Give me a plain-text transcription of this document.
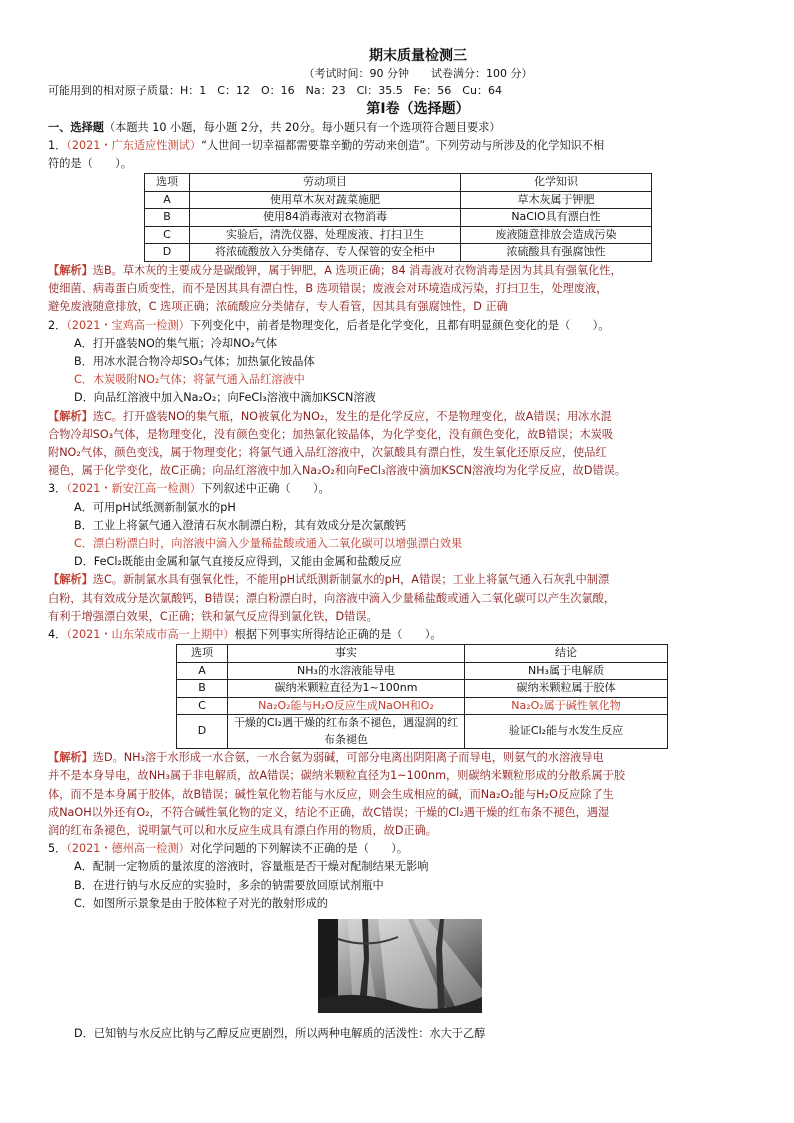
期末质量检测三
（考试时间：90 分钟　　试卷满分：100 分）
可能用到的相对原子质量：H：1　C：12　O：16　Na：23　Cl：35.5　Fe：56　Cu：64
第Ⅰ卷（选择题）
一、选择题（本题共 10 小题，每小题 2分，共 20分。每小题只有一个选项符合题目要求）
1．（2021・广东适应性测试）“人世间一切幸福都需要靠辛勤的劳动来创造”。下列劳动与所涉及的化学知识不相
符的是（　　）。
选项	劳动项目	化学知识
A	使用草木灰对蔬菜施肥	草木灰属于钾肥
B	使用84消毒液对衣物消毒	NaClO具有漂白性
C	实验后，清洗仪器、处理废液、打扫卫生	废液随意排放会造成污染
D	将浓硫酸放入分类储存、专人保管的安全柜中	浓硫酸具有强腐蚀性
【解析】选B。草木灰的主要成分是碳酸钾，属于钾肥，A 选项正确；84 消毒液对衣物消毒是因为其具有强氧化性，
使细菌、病毒蛋白质变性，而不是因其具有漂白性，B 选项错误；废液会对环境造成污染，打扫卫生，处理废液，
避免废液随意排放，C 选项正确；浓硫酸应分类储存，专人看管，因其具有强腐蚀性，D 正确
2．（2021・宝鸡高一检测）下列变化中，前者是物理变化，后者是化学变化，且都有明显颜色变化的是（　　）。
A．打开盛装NO的集气瓶；冷却NO₂气体
B．用冰水混合物冷却SO₃气体；加热氯化铵晶体
C．木炭吸附NO₂气体；将氯气通入品红溶液中
D．向品红溶液中加入Na₂O₂；向FeCl₃溶液中滴加KSCN溶液
【解析】选C。打开盛装NO的集气瓶，NO被氧化为NO₂，发生的是化学反应，不是物理变化，故A错误；用冰水混
合物冷却SO₃气体，是物理变化，没有颜色变化；加热氯化铵晶体，为化学变化，没有颜色变化，故B错误；木炭吸
附NO₂气体，颜色变浅，属于物理变化；将氯气通入品红溶液中，次氯酸具有漂白性，发生氧化还原反应，使品红
褪色，属于化学变化，故C正确；向品红溶液中加入Na₂O₂和向FeCl₃溶液中滴加KSCN溶液均为化学反应，故D错误。
3．（2021・新安江高一检测）下列叙述中正确（　　）。
A．可用pH试纸测新制氯水的pH
B．工业上将氯气通入澄清石灰水制漂白粉，其有效成分是次氯酸钙
C．漂白粉漂白时，向溶液中滴入少量稀盐酸或通入二氧化碳可以增强漂白效果
D．FeCl₂既能由金属和氯气直接反应得到，又能由金属和盐酸反应
【解析】选C。新制氯水具有强氧化性，不能用pH试纸测新制氯水的pH，A错误；工业上将氯气通入石灰乳中制漂
白粉，其有效成分是次氯酸钙，B错误；漂白粉漂白时，向溶液中滴入少量稀盐酸或通入二氧化碳可以产生次氯酸，
有利于增强漂白效果，C正确；铁和氯气反应得到氯化铁，D错误。
4．（2021・山东荣成市高一上期中）根据下列事实所得结论正确的是（　　）。
选项	事实	结论
A	NH₃的水溶液能导电	NH₃属于电解质
B	碳纳米颗粒直径为1~100nm	碳纳米颗粒属于胶体
C	Na₂O₂能与H₂O反应生成NaOH和O₂	Na₂O₂属于碱性氧化物
D	干燥的Cl₂遇干燥的红布条不褪色，遇湿润的红布条褪色	验证Cl₂能与水发生反应
【解析】选D。NH₃溶于水形成一水合氨，一水合氨为弱碱，可部分电离出阴阳离子而导电，则氨气的水溶液导电
并不是本身导电，故NH₃属于非电解质，故A错误；碳纳米颗粒直径为1~100nm，则碳纳米颗粒形成的分散系属于胶
体，而不是本身属于胶体，故B错误；碱性氧化物若能与水反应，则会生成相应的碱，而Na₂O₂能与H₂O反应除了生
成NaOH以外还有O₂，不符合碱性氧化物的定义，结论不正确，故C错误；干燥的Cl₂遇干燥的红布条不褪色，遇湿
润的红布条褪色，说明氯气可以和水反应生成具有漂白作用的物质，故D正确。
5．（2021・德州高一检测）对化学问题的下列解读不正确的是（　　）。
A．配制一定物质的量浓度的溶液时，容量瓶是否干燥对配制结果无影响
B．在进行钠与水反应的实验时，多余的钠需要放回原试剂瓶中
C．如图所示景象是由于胶体粒子对光的散射形成的
D．已知钠与水反应比钠与乙醇反应更剧烈，所以两种电解质的活泼性：水大于乙醇
